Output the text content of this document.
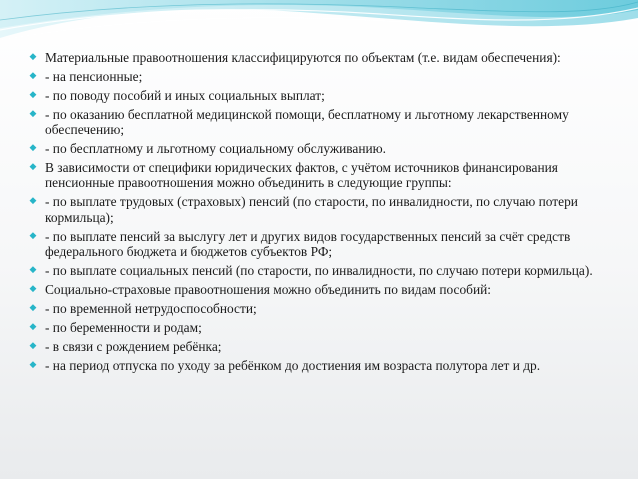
◆ Материальные правоотношения классифицируются по объектам (т.е. видам обеспечения):
◆ - на пенсионные;
◆ - по поводу пособий и иных социальных выплат;
◆ - по оказанию бесплатной медицинской помощи, бесплатному и льготному лекарственному обеспечению;
◆ - по бесплатному и льготному социальному обслуживанию.
◆ В зависимости от специфики юридических фактов, с учётом источников финансирования пенсионные правоотношения можно объединить в следующие группы:
◆ - по выплате трудовых (страховых) пенсий (по старости, по инвалидности, по случаю потери кормильца);
◆ - по выплате пенсий за выслугу лет и других видов государственных пенсий за счёт средств федерального бюджета и бюджетов субъектов РФ;
◆ - по выплате социальных пенсий (по старости, по инвалидности, по случаю потери кормильца).
◆ Социально-страховые правоотношения можно объединить по видам пособий:
◆ - по временной нетрудоспособности;
◆ - по беременности и родам;
◆ - в связи с рождением ребёнка;
◆ - на период отпуска по уходу за ребёнком до достиения им возраста полутора лет и др.
